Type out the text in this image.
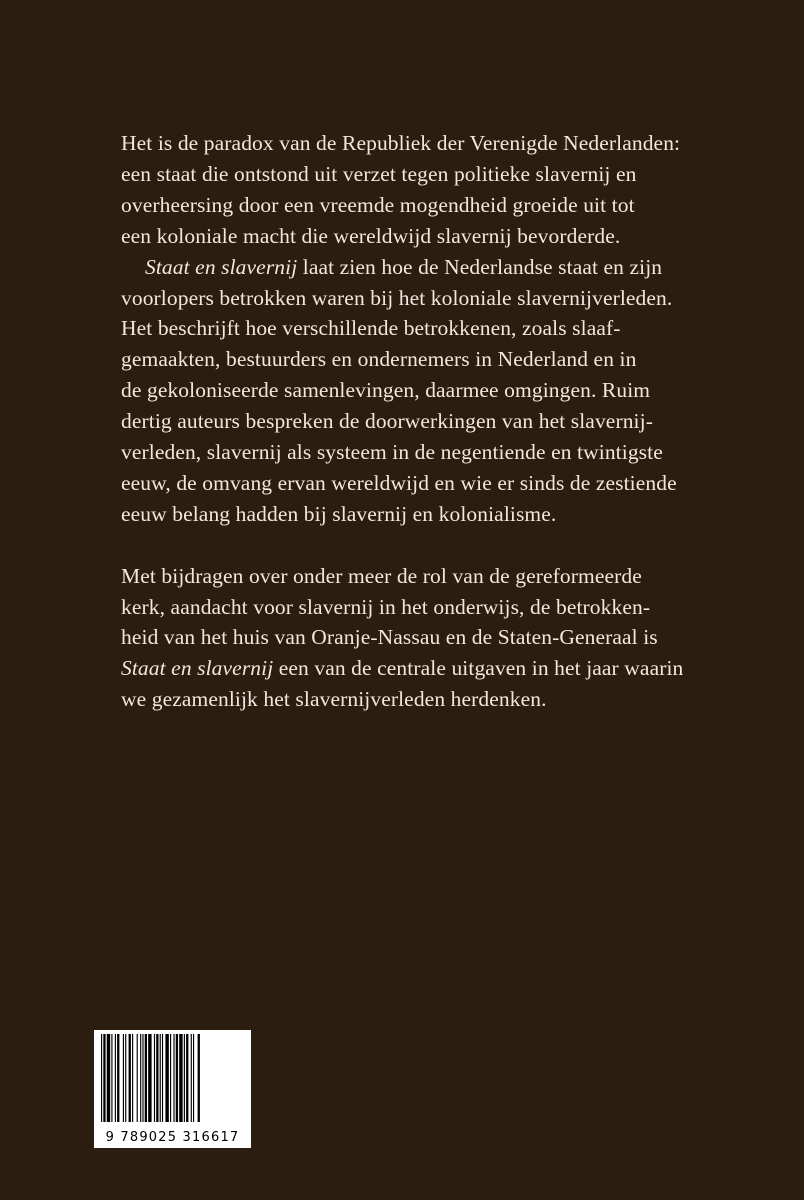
Het is de paradox van de Republiek der Verenigde Nederlanden:
een staat die ontstond uit verzet tegen politieke slavernij en
overheersing door een vreemde mogendheid groeide uit tot
een koloniale macht die wereldwijd slavernij bevorderde.
Staat en slavernij laat zien hoe de Nederlandse staat en zijn
voorlopers betrokken waren bij het koloniale slavernijverleden.
Het beschrijft hoe verschillende betrokkenen, zoals slaaf-
gemaakten, bestuurders en ondernemers in Nederland en in
de gekoloniseerde samenlevingen, daarmee omgingen. Ruim
dertig auteurs bespreken de doorwerkingen van het slavernij-
verleden, slavernij als systeem in de negentiende en twintigste
eeuw, de omvang ervan wereldwijd en wie er sinds de zestiende
eeuw belang hadden bij slavernij en kolonialisme.
Met bijdragen over onder meer de rol van de gereformeerde
kerk, aandacht voor slavernij in het onderwijs, de betrokken-
heid van het huis van Oranje-Nassau en de Staten-Generaal is
Staat en slavernij een van de centrale uitgaven in het jaar waarin
we gezamenlijk het slavernijverleden herdenken.
9 789025 316617
